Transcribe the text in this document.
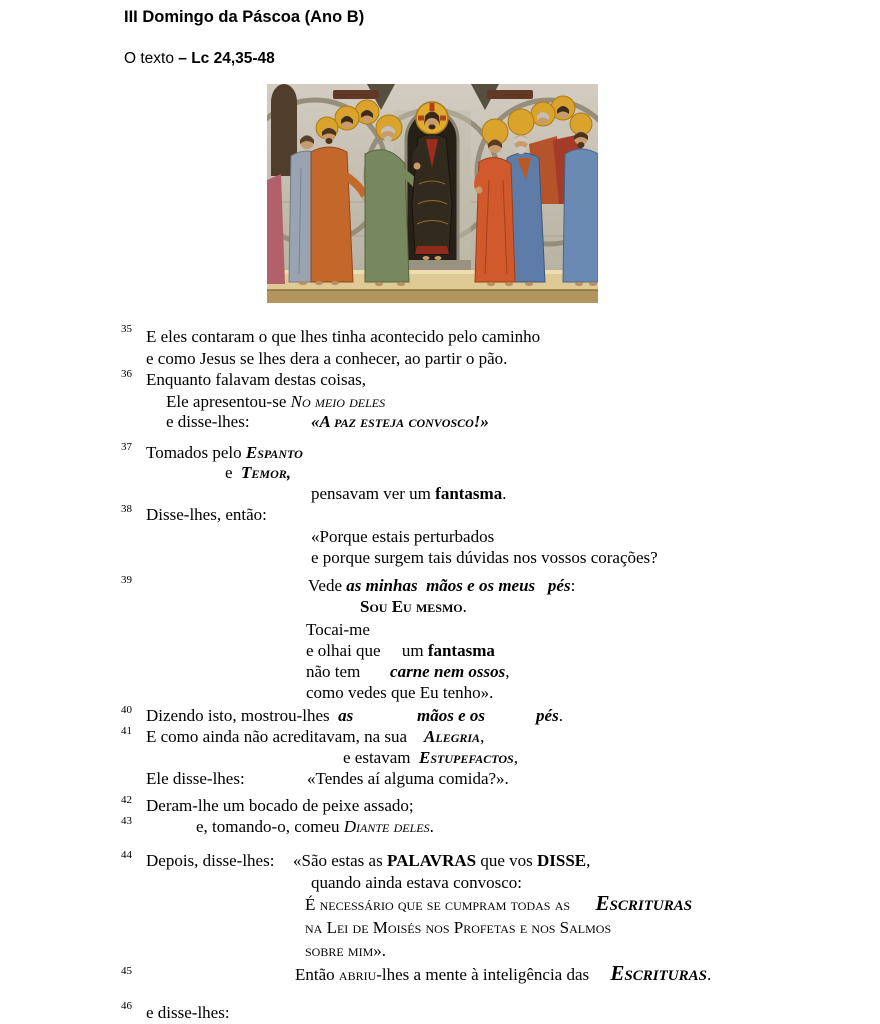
III Domingo da Páscoa (Ano B)
O texto – Lc 24,35-48
35 E eles contaram o que lhes tinha acontecido pelo caminho
e como Jesus se lhes dera a conhecer, ao partir o pão.
36 Enquanto falavam destas coisas,
Ele apresentou-se No meio deles
e disse-lhes:	«A paz esteja convosco!»
37 Tomados pelo Espanto
e  Temor,
pensavam ver um fantasma.
38 Disse-lhes, então:
«Porque estais perturbados
e porque surgem tais dúvidas nos vossos corações?
39	Vede as minhas  mãos e os meus   pés:
Sou Eu mesmo.
Tocai-me
e olhai que     um fantasma
não tem       carne nem ossos,
como vedes que Eu tenho».
40 Dizendo isto, mostrou-lhes  as	mãos e os	pés.
41 E como ainda não acreditavam, na sua    Alegria,
e estavam  Estupefactos,
Ele disse-lhes:	«Tendes aí alguma comida?».
42 Deram-lhe um bocado de peixe assado;
43	e, tomando-o, comeu Diante deles.
44 Depois, disse-lhes: «São estas as PALAVRAS que vos DISSE,
quando ainda estava convosco:
É necessário que se cumpram todas as      Escrituras
na Lei de Moisés nos Profetas e nos Salmos
sobre mim».
45	Então abriu-lhes a mente à inteligência das     Escrituras.
46 e disse-lhes:
